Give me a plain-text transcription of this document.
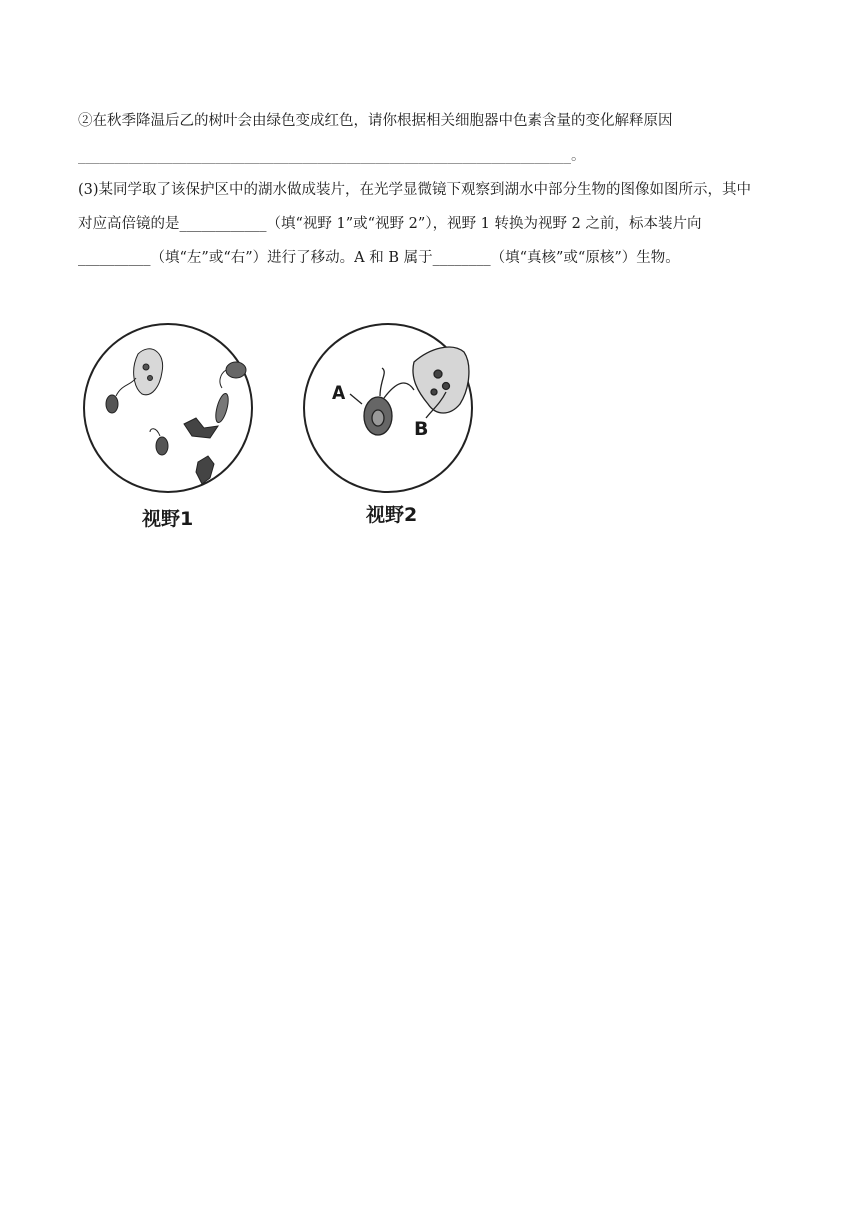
②在秋季降温后乙的树叶会由绿色变成红色，请你根据相关细胞器中色素含量的变化解释原因
____________________________________________________________________。
(3)某同学取了该保护区中的湖水做成装片，在光学显微镜下观察到湖水中部分生物的图像如图所示，其中
对应高倍镜的是____________（填“视野 1”或“视野 2”），视野 1 转换为视野 2 之前，标本装片向
__________（填“左”或“右”）进行了移动。A 和 B 属于________（填“真核”或“原核”）生物。
A
B
视野1	视野2
